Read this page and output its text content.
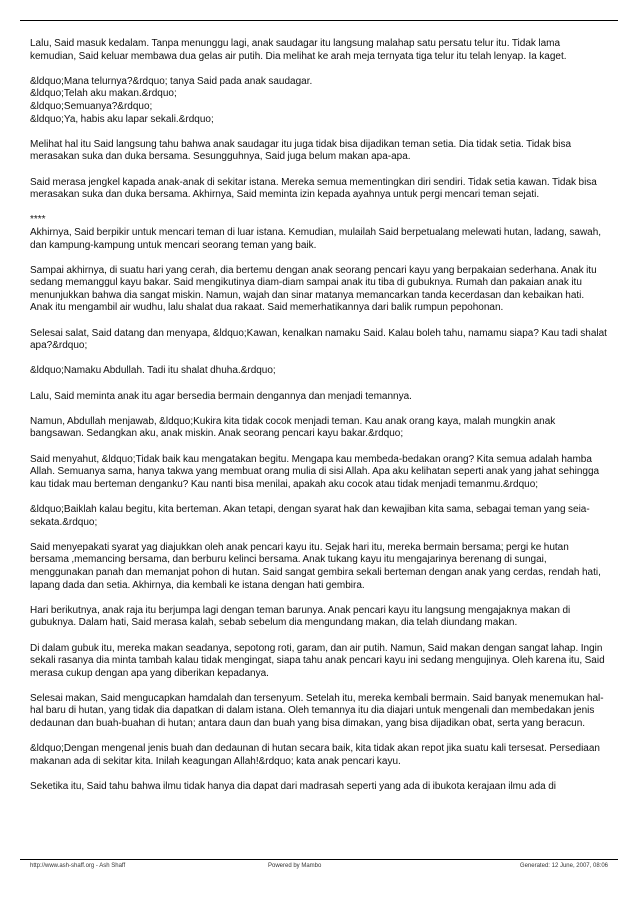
Lalu, Said masuk kedalam. Tanpa menunggu lagi, anak saudagar itu langsung malahap satu persatu telur itu. Tidak lama kemudian, Said keluar membawa dua gelas air putih. Dia melihat ke arah meja ternyata tiga telur itu telah lenyap. Ia kaget.

&ldquo;Mana telurnya?&rdquo; tanya Said pada anak saudagar.

&ldquo;Telah aku makan.&rdquo;

&ldquo;Semuanya?&rdquo;

&ldquo;Ya, habis aku lapar sekali.&rdquo;

Melihat hal itu Said langsung tahu bahwa anak saudagar itu juga tidak bisa dijadikan teman setia. Dia tidak setia. Tidak bisa merasakan suka dan duka bersama. Sesungguhnya, Said juga belum makan apa-apa.

Said merasa jengkel kapada anak-anak di sekitar istana. Mereka semua mementingkan diri sendiri. Tidak setia kawan. Tidak bisa merasakan suka dan duka bersama. Akhirnya, Said meminta izin kepada ayahnya untuk pergi mencari teman sejati.

****

Akhirnya, Said berpikir untuk mencari teman di luar istana. Kemudian, mulailah Said berpetualang melewati hutan, ladang, sawah, dan kampung-kampung untuk mencari seorang teman yang baik.

Sampai akhirnya, di suatu hari yang cerah, dia bertemu dengan anak seorang pencari kayu yang berpakaian sederhana. Anak itu sedang memanggul kayu bakar. Said mengikutinya diam-diam sampai anak itu tiba di gubuknya. Rumah dan pakaian anak itu menunjukkan bahwa dia sangat miskin. Namun, wajah dan sinar matanya memancarkan tanda kecerdasan dan kebaikan hati. Anak itu mengambil air wudhu, lalu shalat dua rakaat. Said memerhatikannya dari balik rumpun pepohonan.

Selesai salat, Said datang dan menyapa, &ldquo;Kawan, kenalkan namaku Said. Kalau boleh tahu, namamu siapa? Kau tadi shalat apa?&rdquo;

&ldquo;Namaku Abdullah. Tadi itu shalat dhuha.&rdquo;

Lalu, Said meminta anak itu agar bersedia bermain dengannya dan menjadi temannya.

Namun, Abdullah menjawab, &ldquo;Kukira kita tidak cocok menjadi teman. Kau anak orang kaya, malah mungkin anak bangsawan. Sedangkan aku, anak miskin. Anak seorang pencari kayu bakar.&rdquo;

Said menyahut, &ldquo;Tidak baik kau mengatakan begitu. Mengapa kau membeda-bedakan orang? Kita semua adalah hamba Allah. Semuanya sama, hanya takwa yang membuat orang mulia di sisi Allah. Apa aku kelihatan seperti anak yang jahat sehingga kau tidak mau berteman denganku? Kau nanti bisa menilai, apakah aku cocok atau tidak menjadi temanmu.&rdquo;

&ldquo;Baiklah kalau begitu, kita berteman. Akan tetapi, dengan syarat hak dan kewajiban kita sama, sebagai teman yang seia-sekata.&rdquo;

Said menyepakati syarat yag diajukkan oleh anak pencari kayu itu. Sejak hari itu, mereka bermain bersama; pergi ke hutan bersama ,memancing bersama, dan berburu kelinci bersama. Anak tukang kayu itu mengajarinya berenang di sungai, menggunakan panah dan memanjat pohon di hutan. Said sangat gembira sekali berteman dengan anak yang cerdas, rendah hati, lapang dada dan setia. Akhirnya, dia kembali ke istana dengan hati gembira.

Hari berikutnya, anak raja itu berjumpa lagi dengan teman barunya. Anak pencari kayu itu langsung mengajaknya makan di gubuknya. Dalam hati, Said merasa kalah, sebab sebelum dia mengundang makan, dia telah diundang makan.

Di dalam gubuk itu, mereka makan seadanya, sepotong roti, garam, dan air putih. Namun, Said makan dengan sangat lahap. Ingin sekali rasanya dia minta tambah kalau tidak mengingat, siapa tahu anak pencari kayu ini sedang mengujinya. Oleh karena itu, Said merasa cukup dengan apa yang diberikan kepadanya.

Selesai makan, Said mengucapkan hamdalah dan tersenyum. Setelah itu, mereka kembali bermain. Said banyak menemukan hal-hal baru di hutan, yang tidak dia dapatkan di dalam istana. Oleh temannya itu dia diajari untuk mengenali dan membedakan jenis dedaunan dan buah-buahan di hutan; antara daun dan buah yang bisa dimakan, yang bisa dijadikan obat, serta yang beracun.

&ldquo;Dengan mengenal jenis buah dan dedaunan di hutan secara baik, kita tidak akan repot jika suatu kali tersesat. Persediaan makanan ada di sekitar kita. Inilah keagungan Allah!&rdquo; kata anak pencari kayu.

Seketika itu, Said tahu bahwa ilmu tidak hanya dia dapat dari madrasah seperti yang ada di ibukota kerajaan ilmu ada di

http://www.ash-shaff.org - Ash Shaff	Powered by Mambo	Generated: 12 June, 2007, 08:06
